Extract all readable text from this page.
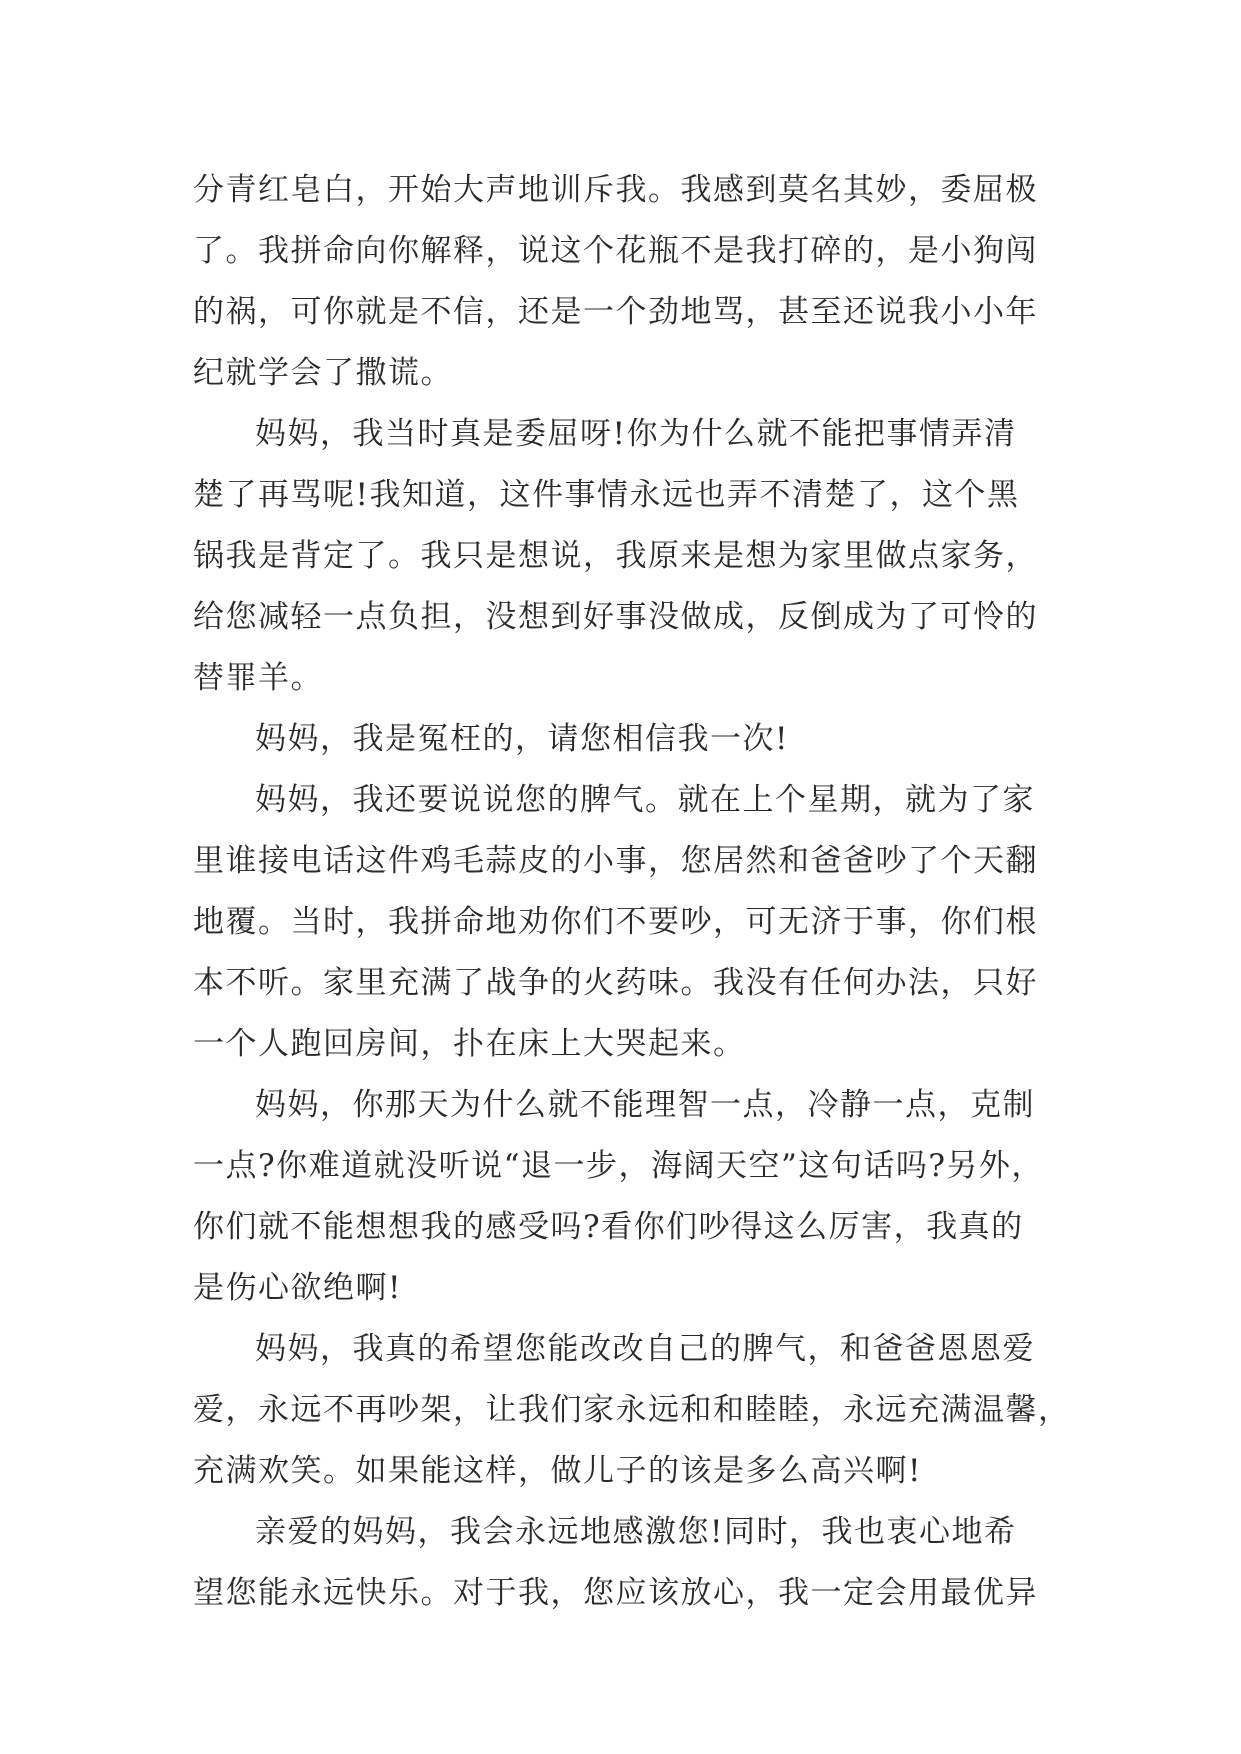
分青红皂白，开始大声地训斥我。我感到莫名其妙，委屈极
了。我拼命向你解释，说这个花瓶不是我打碎的，是小狗闯
的祸，可你就是不信，还是一个劲地骂，甚至还说我小小年
纪就学会了撒谎。
妈妈，我当时真是委屈呀!你为什么就不能把事情弄清
楚了再骂呢!我知道，这件事情永远也弄不清楚了，这个黑
锅我是背定了。我只是想说，我原来是想为家里做点家务，
给您减轻一点负担，没想到好事没做成，反倒成为了可怜的
替罪羊。
妈妈，我是冤枉的，请您相信我一次!
妈妈，我还要说说您的脾气。就在上个星期，就为了家
里谁接电话这件鸡毛蒜皮的小事，您居然和爸爸吵了个天翻
地覆。当时，我拼命地劝你们不要吵，可无济于事，你们根
本不听。家里充满了战争的火药味。我没有任何办法，只好
一个人跑回房间，扑在床上大哭起来。
妈妈，你那天为什么就不能理智一点，冷静一点，克制
一点?你难道就没听说“退一步，海阔天空”这句话吗?另外，
你们就不能想想我的感受吗?看你们吵得这么厉害，我真的
是伤心欲绝啊!
妈妈，我真的希望您能改改自己的脾气，和爸爸恩恩爱
爱，永远不再吵架，让我们家永远和和睦睦，永远充满温馨，
充满欢笑。如果能这样，做儿子的该是多么高兴啊!
亲爱的妈妈，我会永远地感激您!同时，我也衷心地希
望您能永远快乐。对于我，您应该放心，我一定会用最优异
